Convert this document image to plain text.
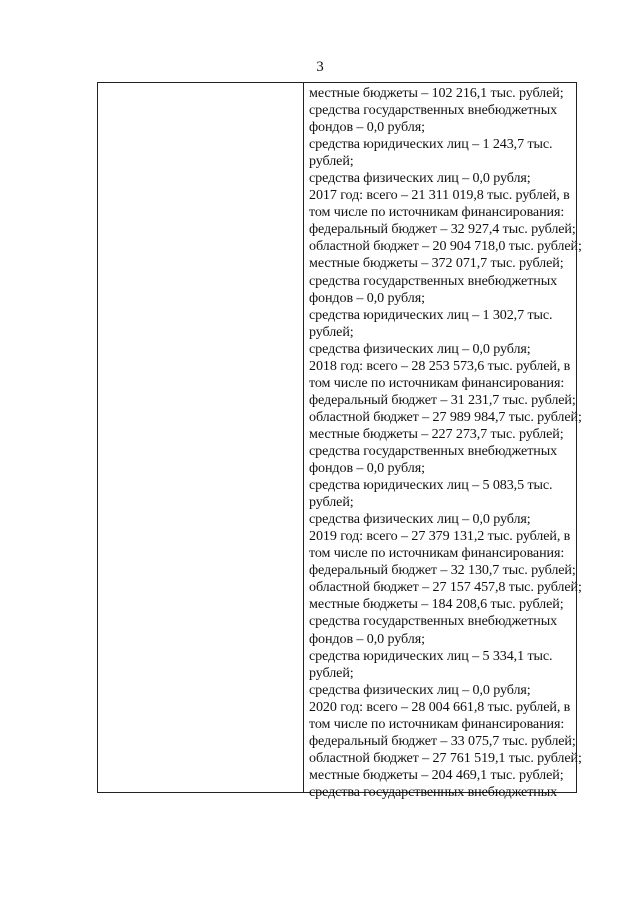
3
местные бюджеты – 102 216,1 тыс. рублей;
средства государственных внебюджетных
фондов – 0,0 рубля;
средства юридических лиц – 1 243,7 тыс.
рублей;
средства физических лиц – 0,0 рубля;
2017 год: всего – 21 311 019,8 тыс. рублей, в
том числе по источникам финансирования:
федеральный бюджет – 32 927,4 тыс. рублей;
областной бюджет – 20 904 718,0 тыс. рублей;
местные бюджеты – 372 071,7 тыс. рублей;
средства государственных внебюджетных
фондов – 0,0 рубля;
средства юридических лиц – 1 302,7 тыс.
рублей;
средства физических лиц – 0,0 рубля;
2018 год: всего – 28 253 573,6 тыс. рублей, в
том числе по источникам финансирования:
федеральный бюджет – 31 231,7 тыс. рублей;
областной бюджет – 27 989 984,7 тыс. рублей;
местные бюджеты – 227 273,7 тыс. рублей;
средства государственных внебюджетных
фондов – 0,0 рубля;
средства юридических лиц – 5 083,5 тыс.
рублей;
средства физических лиц – 0,0 рубля;
2019 год: всего – 27 379 131,2 тыс. рублей, в
том числе по источникам финансирования:
федеральный бюджет – 32 130,7 тыс. рублей;
областной бюджет – 27 157 457,8 тыс. рублей;
местные бюджеты – 184 208,6 тыс. рублей;
средства государственных внебюджетных
фондов – 0,0 рубля;
средства юридических лиц – 5 334,1 тыс.
рублей;
средства физических лиц – 0,0 рубля;
2020 год: всего – 28 004 661,8 тыс. рублей, в
том числе по источникам финансирования:
федеральный бюджет – 33 075,7 тыс. рублей;
областной бюджет – 27 761 519,1 тыс. рублей;
местные бюджеты – 204 469,1 тыс. рублей;
средства государственных внебюджетных
